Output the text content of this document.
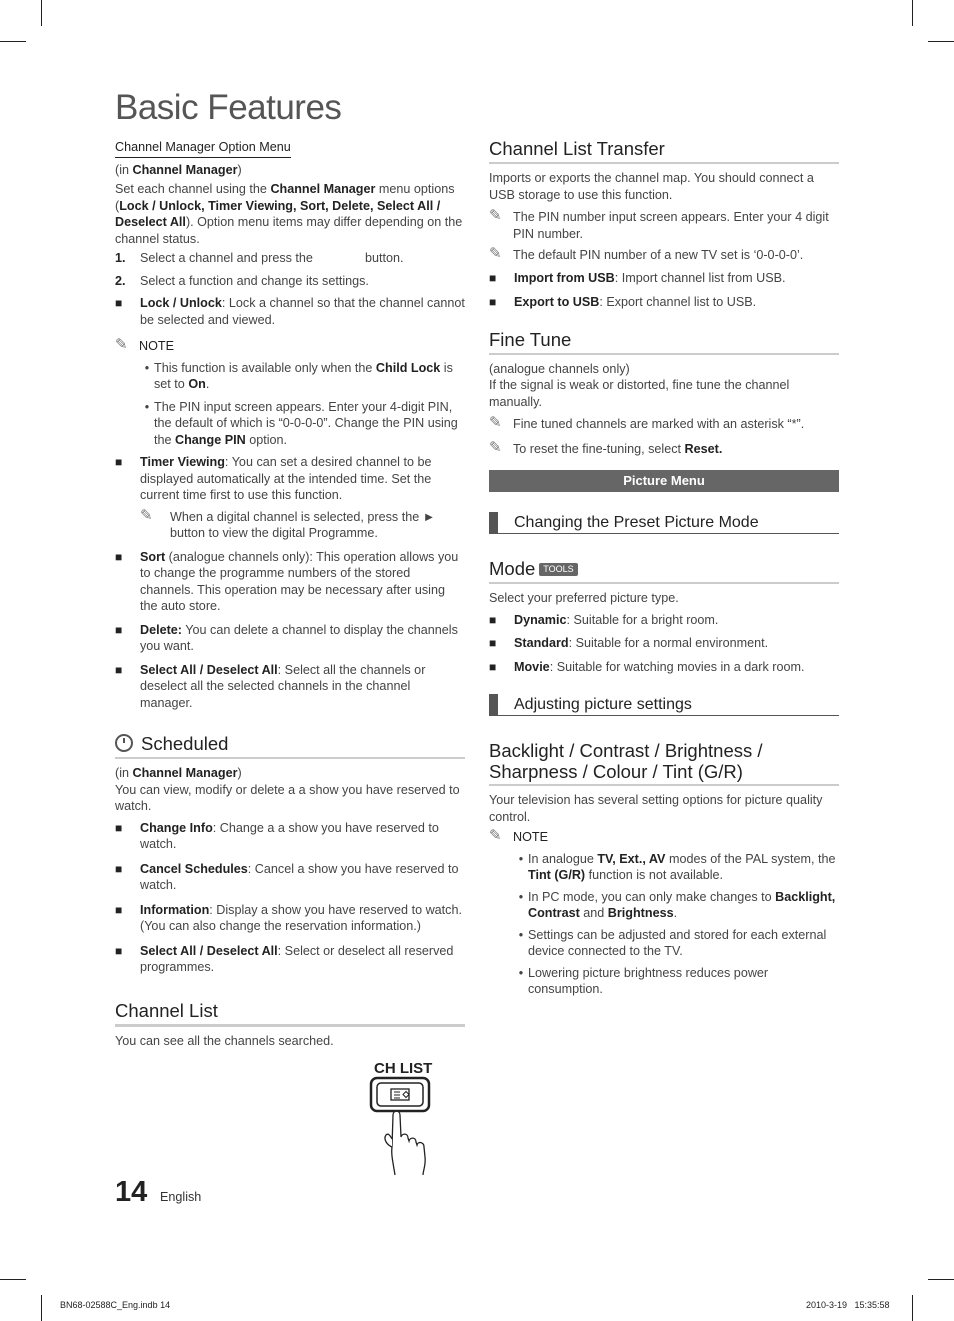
Basic Features
Channel Manager Option Menu

(in Channel Manager)

Set each channel using the Channel Manager menu options (Lock / Unlock, Timer Viewing, Sort, Delete, Select All / Deselect All). Option menu items may differ depending on the channel status.

1.	Select a channel and press the	button.
2.	Select a function and change its settings.
■	Lock / Unlock: Lock a channel so that the channel cannot be selected and viewed.
✎ NOTE
• This function is available only when the Child Lock is set to On.
• The PIN input screen appears. Enter your 4-digit PIN, the default of which is “0-0-0-0”. Change the PIN using the Change PIN option.
■	Timer Viewing: You can set a desired channel to be displayed automatically at the intended time. Set the current time first to use this function.
✎	When a digital channel is selected, press the ► button to view the digital Programme.
■	Sort (analogue channels only): This operation allows you to change the programme numbers of the stored channels. This operation may be necessary after using the auto store.
■	Delete: You can delete a channel to display the channels you want.
■	Select All / Deselect All: Select all the channels or deselect all the selected channels in the channel manager.
Scheduled

(in Channel Manager)

You can view, modify or delete a a show you have reserved to watch.

■	Change Info: Change a a show you have reserved to watch.
■	Cancel Schedules: Cancel a show you have reserved to watch.
■	Information: Display a show you have reserved to watch. (You can also change the reservation information.)
■	Select All / Deselect All: Select or deselect all reserved programmes.
Channel List

You can see all the channels searched.

CH LIST
Channel List Transfer

Imports or exports the channel map. You should connect a USB storage to use this function.

✎ The PIN number input screen appears. Enter your 4 digit PIN number.
✎ The default PIN number of a new TV set is ‘0-0-0-0’.
■	Import from USB: Import channel list from USB.
■	Export to USB: Export channel list to USB.
Fine Tune

(analogue channels only)

If the signal is weak or distorted, fine tune the channel manually.

✎ Fine tuned channels are marked with an asterisk “*”.
✎ To reset the fine-tuning, select Reset.
Picture Menu
Changing the Preset Picture Mode
Mode TOOLS

Select your preferred picture type.

■	Dynamic: Suitable for a bright room.
■	Standard: Suitable for a normal environment.
■	Movie: Suitable for watching movies in a dark room.
Adjusting picture settings
Backlight / Contrast / Brightness / Sharpness / Colour / Tint (G/R)

Your television has several setting options for picture quality control.

✎ NOTE
• In analogue TV, Ext., AV modes of the PAL system, the Tint (G/R) function is not available.
• In PC mode, you can only make changes to Backlight, Contrast and Brightness.
• Settings can be adjusted and stored for each external device connected to the TV.
• Lowering picture brightness reduces power consumption.
14 English
BN68-02588C_Eng.indb 14	2010-3-19   15:35:58
